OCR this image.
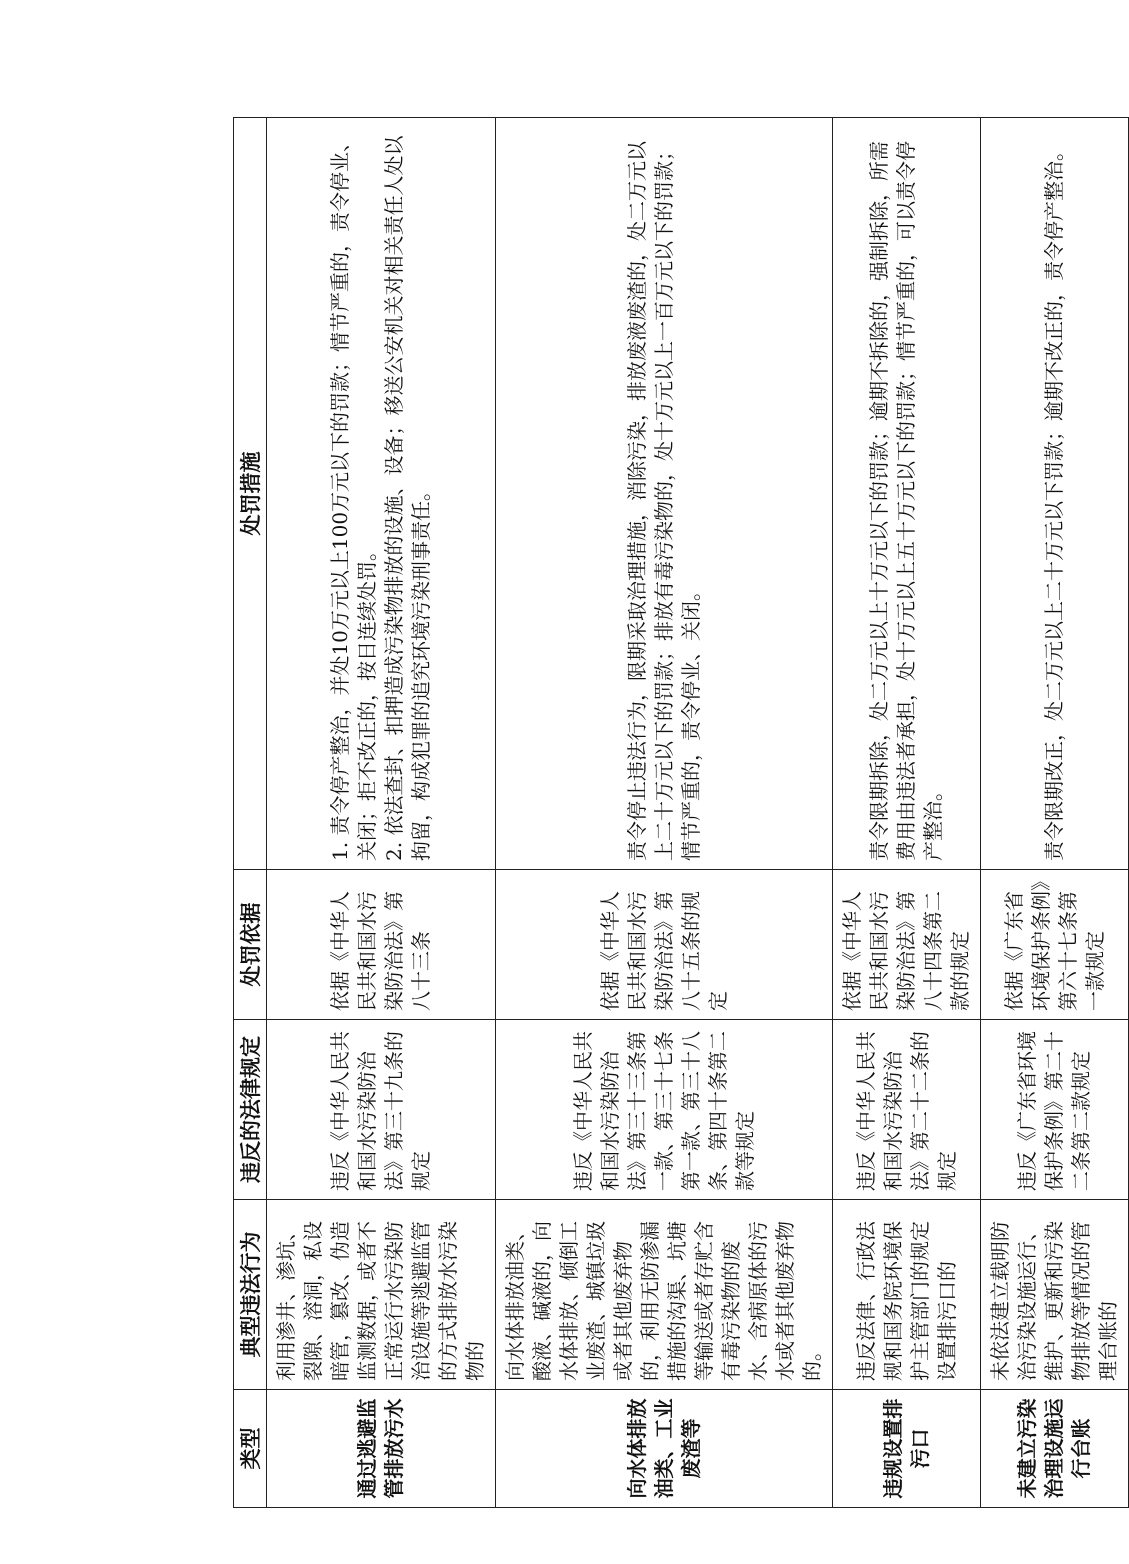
类型	典型违法行为	违反的法律规定	处罚依据	处罚措施
通过逃避监管排放污水	利用渗井、渗坑、裂隙、溶洞，私设暗管，篡改、伪造监测数据，或者不正常运行水污染防治设施等逃避监管的方式排放水污染物的	违反《中华人民共和国水污染防治法》第三十九条的规定	依据《中华人民共和国水污染防治法》第八十三条	1. 责令停产整治，并处10万元以上100万元以下的罚款；情节严重的，责令停业、关闭；拒不改正的，按日连续处罚。 2. 依法查封、扣押造成污染物排放的设施、设备；移送公安机关对相关责任人处以拘留，构成犯罪的追究环境污染刑事责任。

向水体排放油类、工业废渣等	向水体排放油类、酸液、碱液的，向水体排放、倾倒工业废渣、城镇垃圾或者其他废弃物的，利用无防渗漏措施的沟渠、坑塘等输送或者存贮含有毒污染物的废水、含病原体的污水或者其他废弃物的。	违反《中华人民共和国水污染防治法》第三十三条第一款、第三十七条第一款、第三十八条、第四十条第二款等规定	依据《中华人民共和国水污染防治法》第八十五条的规定	责令停止违法行为，限期采取治理措施，消除污染，排放废液废渣的，处二万元以上二十万元以下的罚款；排放有毒污染物的，处十万元以上一百万元以下的罚款；情节严重的，责令停业、关闭。
违规设置排污口	违反法律、行政法规和国务院环境保护主管部门的规定设置排污口的	违反《中华人民共和国水污染防治法》第二十二条的规定	依据《中华人民共和国水污染防治法》第八十四条第二款的规定	责令限期拆除，处二万元以上十万元以下的罚款；逾期不拆除的，强制拆除，所需费用由违法者承担，处十万元以上五十万元以下的罚款；情节严重的，可以责令停产整治。
未建立污染治理设施运行台账	未依法建立载明防治污染设施运行、维护、更新和污染物排放等情况的管理台账的	违反《广东省环境保护条例》第二十二条第二款规定	依据《广东省环境保护条例》第六十七条第一款规定	责令限期改正，处二万元以上二十万元以下罚款；逾期不改正的，责令停产整治。
